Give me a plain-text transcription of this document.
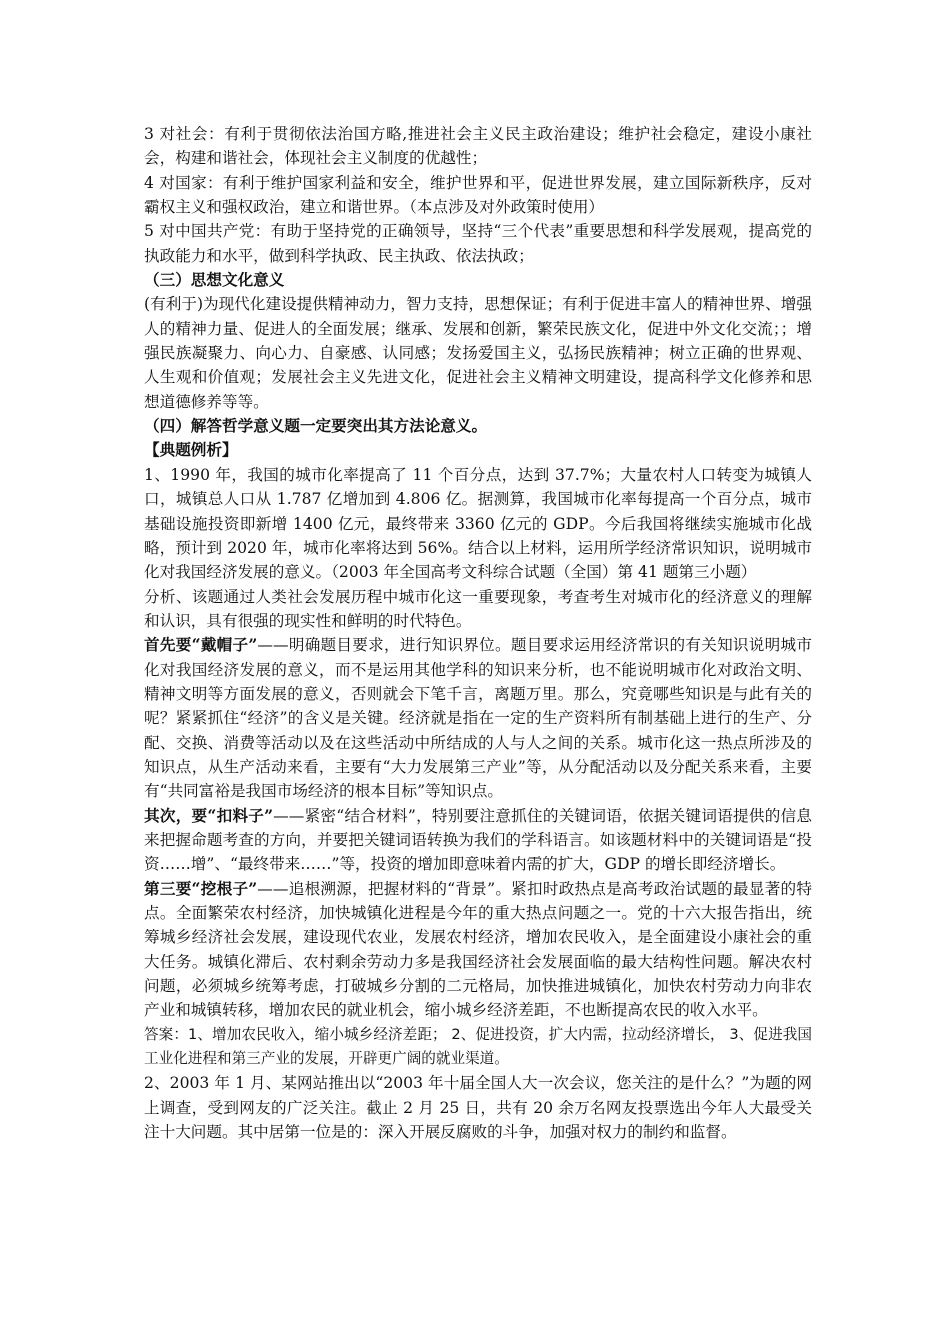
3 对社会：有利于贯彻依法治国方略,推进社会主义民主政治建设；维护社会稳定，建设小康社会，构建和谐社会，体现社会主义制度的优越性；

4 对国家：有利于维护国家利益和安全，维护世界和平，促进世界发展，建立国际新秩序，反对霸权主义和强权政治，建立和谐世界。（本点涉及对外政策时使用）

5 对中国共产党：有助于坚持党的正确领导，坚持“三个代表”重要思想和科学发展观，提高党的执政能力和水平，做到科学执政、民主执政、依法执政；

（三）思想文化意义

(有利于)为现代化建设提供精神动力，智力支持，思想保证；有利于促进丰富人的精神世界、增强人的精神力量、促进人的全面发展；继承、发展和创新，繁荣民族文化，促进中外文化交流；；增强民族凝聚力、向心力、自豪感、认同感；发扬爱国主义，弘扬民族精神；树立正确的世界观、人生观和价值观；发展社会主义先进文化，促进社会主义精神文明建设，提高科学文化修养和思想道德修养等等。

（四）解答哲学意义题一定要突出其方法论意义。

【典题例析】

1、1990 年，我国的城市化率提高了 11 个百分点，达到 37.7%；大量农村人口转变为城镇人口，城镇总人口从 1.787 亿增加到 4.806 亿。据测算，我国城市化率每提高一个百分点，城市基础设施投资即新增 1400 亿元，最终带来 3360 亿元的 GDP。今后我国将继续实施城市化战略，预计到 2020 年，城市化率将达到 56%。结合以上材料，运用所学经济常识知识，说明城市化对我国经济发展的意义。（2003 年全国高考文科综合试题（全国）第 41 题第三小题）

分析、该题通过人类社会发展历程中城市化这一重要现象，考查考生对城市化的经济意义的理解和认识，具有很强的现实性和鲜明的时代特色。

首先要“戴帽子”——明确题目要求，进行知识界位。题目要求运用经济常识的有关知识说明城市化对我国经济发展的意义，而不是运用其他学科的知识来分析，也不能说明城市化对政治文明、精神文明等方面发展的意义，否则就会下笔千言，离题万里。那么，究竟哪些知识是与此有关的呢？紧紧抓住“经济”的含义是关键。经济就是指在一定的生产资料所有制基础上进行的生产、分配、交换、消费等活动以及在这些活动中所结成的人与人之间的关系。城市化这一热点所涉及的知识点，从生产活动来看，主要有“大力发展第三产业”等，从分配活动以及分配关系来看，主要有“共同富裕是我国市场经济的根本目标”等知识点。

其次，要“扣料子”——紧密“结合材料”，特别要注意抓住的关键词语，依据关键词语提供的信息来把握命题考查的方向，并要把关键词语转换为我们的学科语言。如该题材料中的关键词语是“投资……增”、“最终带来……”等，投资的增加即意味着内需的扩大，GDP 的增长即经济增长。

第三要“挖根子”——追根溯源，把握材料的“背景”。紧扣时政热点是高考政治试题的最显著的特点。全面繁荣农村经济，加快城镇化进程是今年的重大热点问题之一。党的十六大报告指出，统筹城乡经济社会发展，建设现代农业，发展农村经济，增加农民收入，是全面建设小康社会的重大任务。城镇化滞后、农村剩余劳动力多是我国经济社会发展面临的最大结构性问题。解决农村问题，必须城乡统筹考虑，打破城乡分割的二元格局，加快推进城镇化，加快农村劳动力向非农产业和城镇转移，增加农民的就业机会，缩小城乡经济差距，不也断提高农民的收入水平。

答案：1、增加农民收入，缩小城乡经济差距； 2、促进投资，扩大内需，拉动经济增长， 3、促进我国工业化进程和第三产业的发展，开辟更广阔的就业渠道。

2、2003 年 1 月、某网站推出以“2003 年十届全国人大一次会议，您关注的是什么？”为题的网上调查，受到网友的广泛关注。截止 2 月 25 日，共有 20 余万名网友投票选出今年人大最受关注十大问题。其中居第一位是的：深入开展反腐败的斗争，加强对权力的制约和监督。
